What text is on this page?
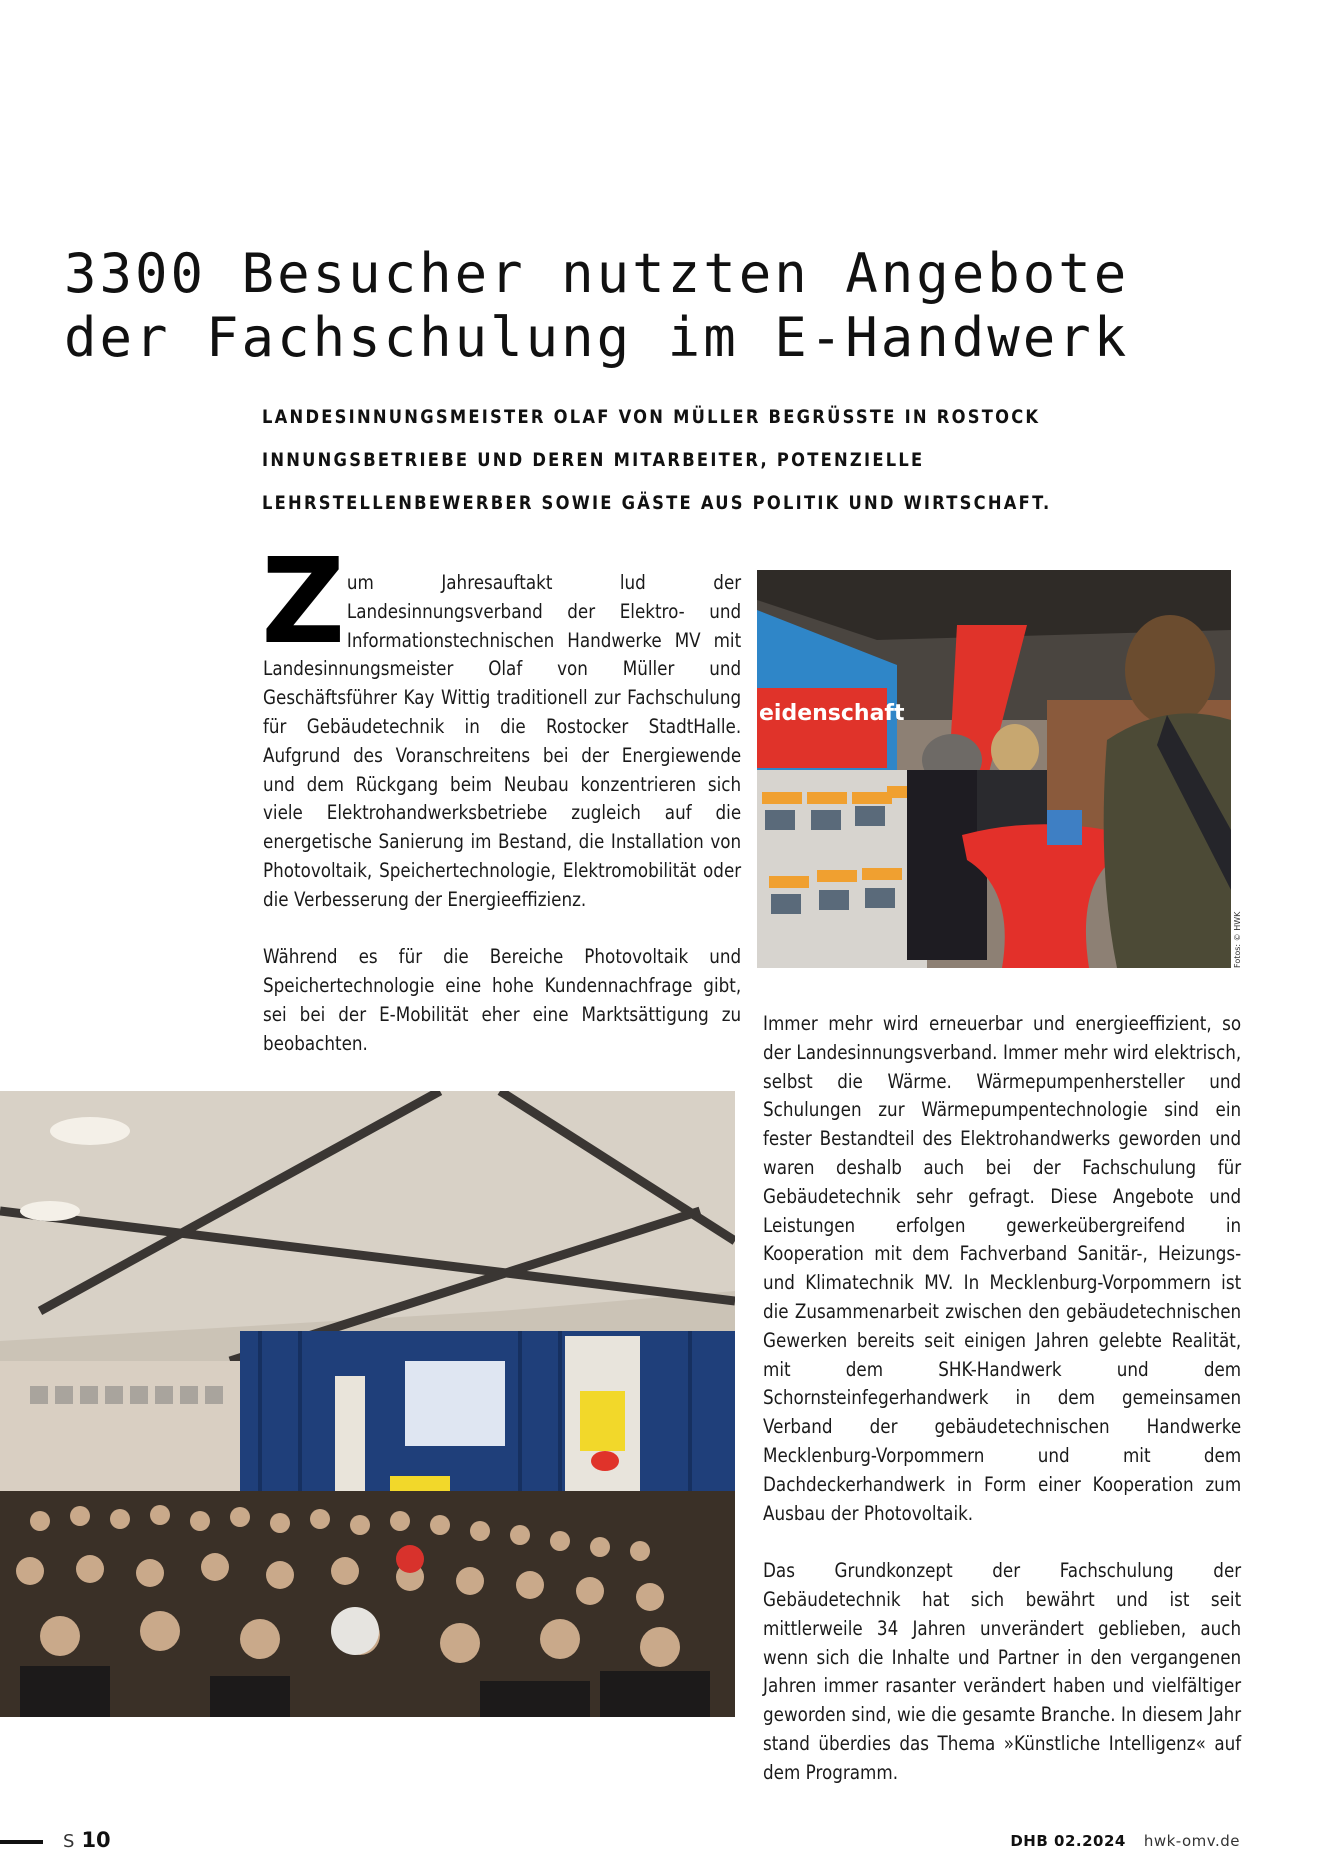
3300 Besucher nutzten Angebote
der Fachschulung im E-Handwerk
LANDESINNUNGSMEISTER OLAF VON MÜLLER BEGRÜSSTE IN ROSTOCK
INNUNGSBETRIEBE UND DEREN MITARBEITER, POTENZIELLE
LEHRSTELLENBEWERBER SOWIE GÄSTE AUS POLITIK UND WIRTSCHAFT.

Zum Jahresauftakt lud der Landesinnungsverband der Elektro- und Informationstechnischen Handwerke MV mit Landesinnungsmeister Olaf von Müller und Geschäftsführer Kay Wittig traditionell zur Fachschulung für Gebäudetechnik in die Rostocker StadtHalle. Aufgrund des Voranschreitens bei der Energiewende und dem Rückgang beim Neubau konzentrieren sich viele Elektrohandwerksbetriebe zugleich auf die energetische Sanierung im Bestand, die Installation von Photovoltaik, Speichertechnologie, Elektromobilität oder die Verbesserung der Energieeffizienz.

Während es für die Bereiche Photovoltaik und Speichertechnologie eine hohe Kundennachfrage gibt, sei bei der E-Mobilität eher eine Marktsättigung zu beobachten.

eidenschaft
Fotos: © HWK

Immer mehr wird erneuerbar und energieeffizient, so der Landesinnungsverband. Immer mehr wird elektrisch, selbst die Wärme. Wärmepumpenhersteller und Schulungen zur Wärmepumpentechnologie sind ein fester Bestandteil des Elektrohandwerks geworden und waren deshalb auch bei der Fachschulung für Gebäudetechnik sehr gefragt. Diese Angebote und Leistungen erfolgen gewerkeübergreifend in Kooperation mit dem Fachverband Sanitär-, Heizungs- und Klimatechnik MV. In Mecklenburg-Vorpommern ist die Zusammenarbeit zwischen den gebäudetechnischen Gewerken bereits seit einigen Jahren gelebte Realität, mit dem SHK-Handwerk und dem Schornsteinfegerhandwerk in dem gemeinsamen Verband der gebäudetechnischen Handwerke Mecklenburg-Vorpommern und mit dem Dachdeckerhandwerk in Form einer Kooperation zum Ausbau der Photovoltaik.

Das Grundkonzept der Fachschulung der Gebäudetechnik hat sich bewährt und ist seit mittlerweile 34 Jahren unverändert geblieben, auch wenn sich die Inhalte und Partner in den vergangenen Jahren immer rasanter verändert haben und vielfältiger geworden sind, wie die gesamte Branche. In diesem Jahr stand überdies das Thema »Künstliche Intelligenz« auf dem Programm.

S 10	DHB 02.2024 hwk-omv.de
